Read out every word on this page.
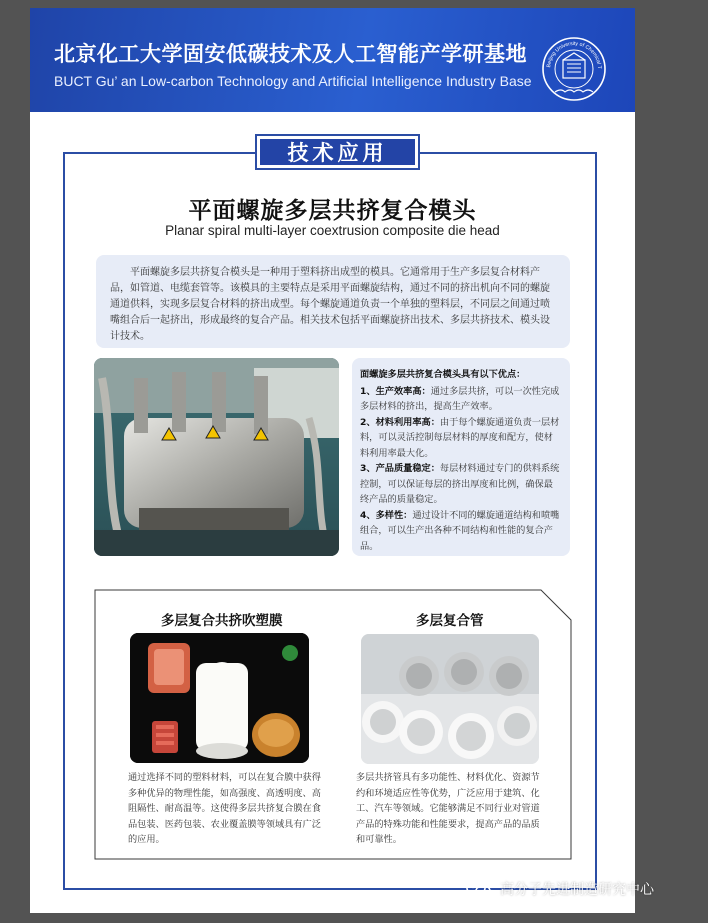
北京化工大学固安低碳技术及人工智能产学研基地
BUCT Gu’ an Low-carbon Technology and Artificial Intelligence Industry Base
Beijing University of Chemical T
技术应用
平面螺旋多层共挤复合模头
Planar spiral multi-layer coextrusion composite die head
平面螺旋多层共挤复合模头是一种用于塑料挤出成型的模具。它通常用于生产多层复合材料产品，如管道、电缆套管等。该模具的主要特点是采用平面螺旋结构，通过不同的挤出机向不同的螺旋通道供料，实现多层复合材料的挤出成型。每个螺旋通道负责一个单独的塑料层，不同层之间通过喷嘴组合后一起挤出，形成最终的复合产品。相关技术包括平面螺旋挤出技术、多层共挤技术、模头设计技术。
面螺旋多层共挤复合模头具有以下优点：
1、生产效率高：通过多层共挤，可以一次性完成多层材料的挤出，提高生产效率。
2、材料利用率高：由于每个螺旋通道负责一层材料，可以灵活控制每层材料的厚度和配方，使材料利用率最大化。
3、产品质量稳定：每层材料通过专门的供料系统控制，可以保证每层的挤出厚度和比例，确保最终产品的质量稳定。
4、多样性：通过设计不同的螺旋通道结构和喷嘴组合，可以生产出各种不同结构和性能的复合产品。
多层复合共挤吹塑膜	多层复合管
通过选择不同的塑料材料，可以在复合膜中获得多种优异的物理性能，如高强度、高透明度、高阻隔性、耐高温等。这使得多层共挤复合膜在食品包装、医药包装、农业覆盖膜等领域具有广泛的应用。
多层共挤管具有多功能性、材料优化、资源节约和环境适应性等优势，广泛应用于建筑、化工、汽车等领域。它能够满足不同行业对管道产品的特殊功能和性能要求，提高产品的品质和可靠性。
高分子先进制造研究中心
